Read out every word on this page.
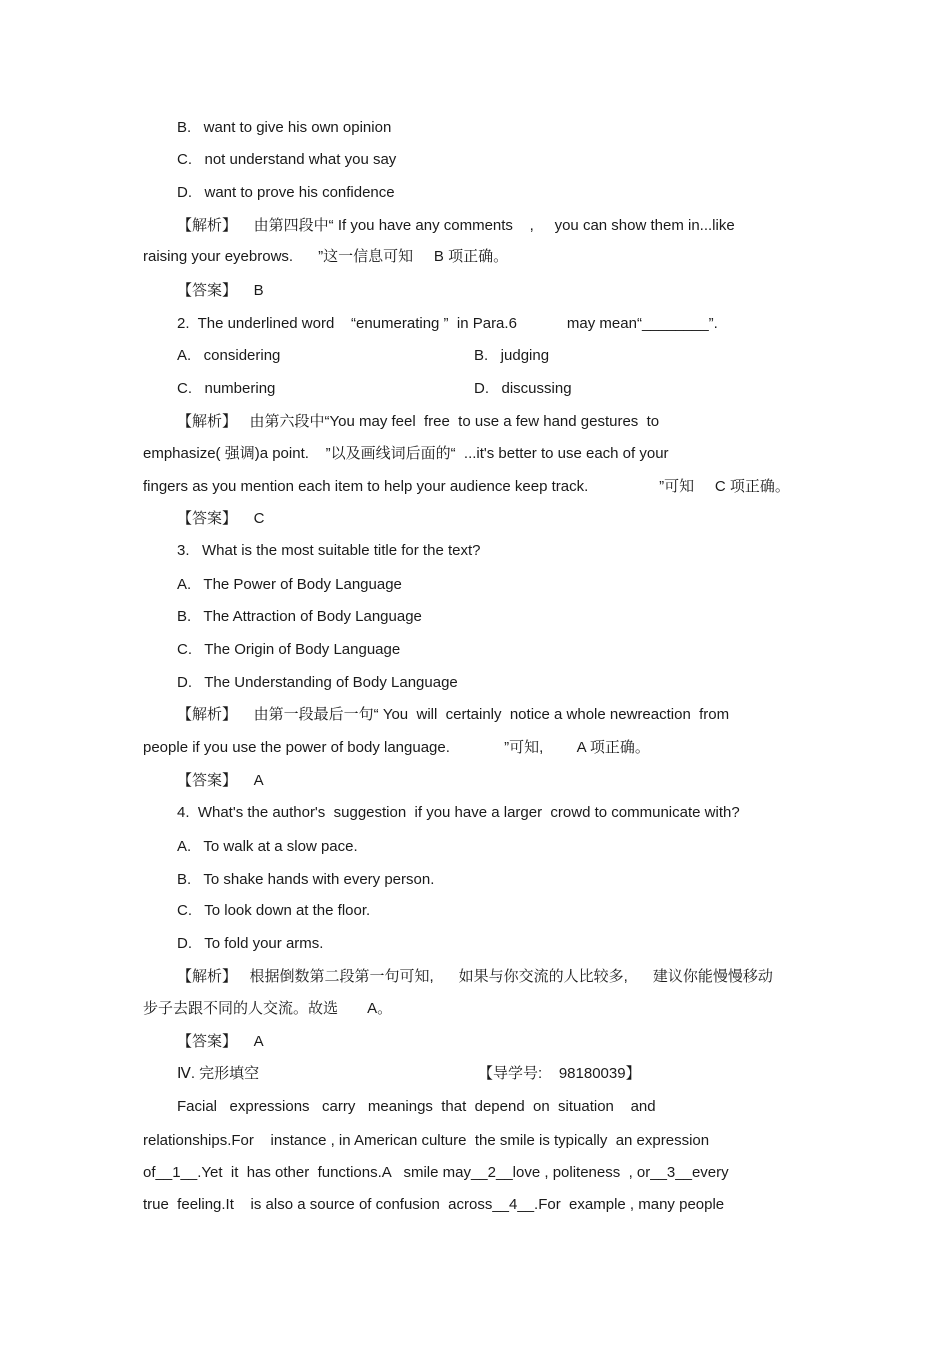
B.   want to give his own opinion
C.   not understand what you say
D.   want to prove his confidence
【解析】    由第四段中“ If you have any comments    ,     you can show them in...like
raising your eyebrows.      ”这一信息可知     B 项正确。
【答案】    B
2.  The underlined word    “enumerating ”  in Para.6            may mean“________”.
A.   considering	B.   judging
C.   numbering	D.   discussing
【解析】   由第六段中“You may feel  free  to use a few hand gestures  to
emphasize( 强调)a point.    ”以及画线词后面的“  ...it's better to use each of your
fingers as you mention each item to help your audience keep track.                 ”可知     C 项正确。
【答案】    C
3.   What is the most suitable title for the text?
A.   The Power of Body Language
B.   The Attraction of Body Language
C.   The Origin of Body Language
D.   The Understanding of Body Language
【解析】    由第一段最后一句“ You  will  certainly  notice a whole newreaction  from
people if you use the power of body language.             ”可知,        A 项正确。
【答案】    A
4.  What's the author's  suggestion  if you have a larger  crowd to communicate with?
A.   To walk at a slow pace.
B.   To shake hands with every person.
C.   To look down at the floor.
D.   To fold your arms.
【解析】   根据倒数第二段第一句可知,      如果与你交流的人比较多,      建议你能慢慢移动
步子去跟不同的人交流。故选       A。
【答案】    A
Ⅳ. 完形填空	【导学号:    98180039】
Facial   expressions   carry   meanings  that  depend  on  situation    and
relationships.For    instance , in American culture  the smile is typically  an expression
of__1__.Yet  it  has other  functions.A   smile may__2__love , politeness  , or__3__every
true  feeling.It    is also a source of confusion  across__4__.For  example , many people
